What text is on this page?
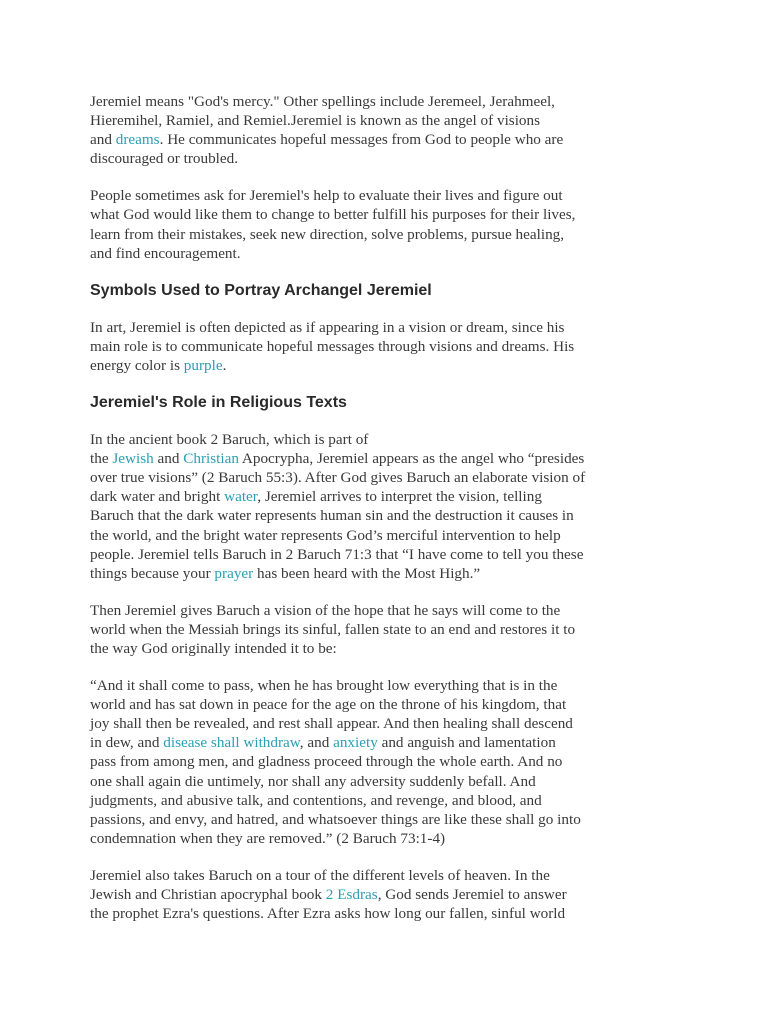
Jeremiel means "God's mercy." Other spellings include Jeremeel, Jerahmeel,
Hieremihel, Ramiel, and Remiel.Jeremiel is known as the angel of visions
and dreams. He communicates hopeful messages from God to people who are
discouraged or troubled.

People sometimes ask for Jeremiel's help to evaluate their lives and figure out
what God would like them to change to better fulfill his purposes for their lives,
learn from their mistakes, seek new direction, solve problems, pursue healing,
and find encouragement.

Symbols Used to Portray Archangel Jeremiel

In art, Jeremiel is often depicted as if appearing in a vision or dream, since his
main role is to communicate hopeful messages through visions and dreams. His
energy color is purple.

Jeremiel's Role in Religious Texts

In the ancient book 2 Baruch, which is part of
the Jewish and Christian Apocrypha, Jeremiel appears as the angel who “presides
over true visions” (2 Baruch 55:3). After God gives Baruch an elaborate vision of
dark water and bright water, Jeremiel arrives to interpret the vision, telling
Baruch that the dark water represents human sin and the destruction it causes in
the world, and the bright water represents God’s merciful intervention to help
people. Jeremiel tells Baruch in 2 Baruch 71:3 that “I have come to tell you these
things because your prayer has been heard with the Most High.”

Then Jeremiel gives Baruch a vision of the hope that he says will come to the
world when the Messiah brings its sinful, fallen state to an end and restores it to
the way God originally intended it to be:

“And it shall come to pass, when he has brought low everything that is in the
world and has sat down in peace for the age on the throne of his kingdom, that
joy shall then be revealed, and rest shall appear. And then healing shall descend
in dew, and disease shall withdraw, and anxiety and anguish and lamentation
pass from among men, and gladness proceed through the whole earth. And no
one shall again die untimely, nor shall any adversity suddenly befall. And
judgments, and abusive talk, and contentions, and revenge, and blood, and
passions, and envy, and hatred, and whatsoever things are like these shall go into
condemnation when they are removed.” (2 Baruch 73:1-4)

Jeremiel also takes Baruch on a tour of the different levels of heaven. In the
Jewish and Christian apocryphal book 2 Esdras, God sends Jeremiel to answer
the prophet Ezra's questions. After Ezra asks how long our fallen, sinful world
